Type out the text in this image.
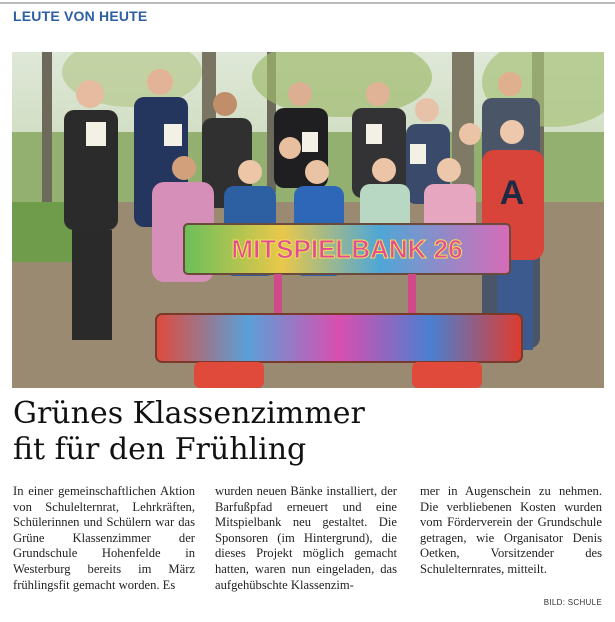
LEUTE VON HEUTE
A
MITSPIELBANK 26
Grünes Klassenzimmer
fit für den Frühling
In einer gemeinschaftlichen Aktion von Schulelternrat, Lehrkräften, Schülerinnen und Schülern war das Grüne Klassenzimmer der Grundschule Hohenfelde in Westerburg bereits im März frühlingsfit gemacht worden. Es
wurden neuen Bänke installiert, der Barfußpfad erneuert und eine Mitspielbank neu gestaltet. Die Sponsoren (im Hintergrund), die dieses Projekt möglich gemacht hatten, waren nun eingeladen, das aufgehübschte Klassenzim-
mer in Augenschein zu nehmen. Die verbliebenen Kosten wurden vom Förderverein der Grundschule getragen, wie Organisator Denis Oetken, Vorsitzender des Schulelternrates, mitteilt.
BILD: SCHULE
